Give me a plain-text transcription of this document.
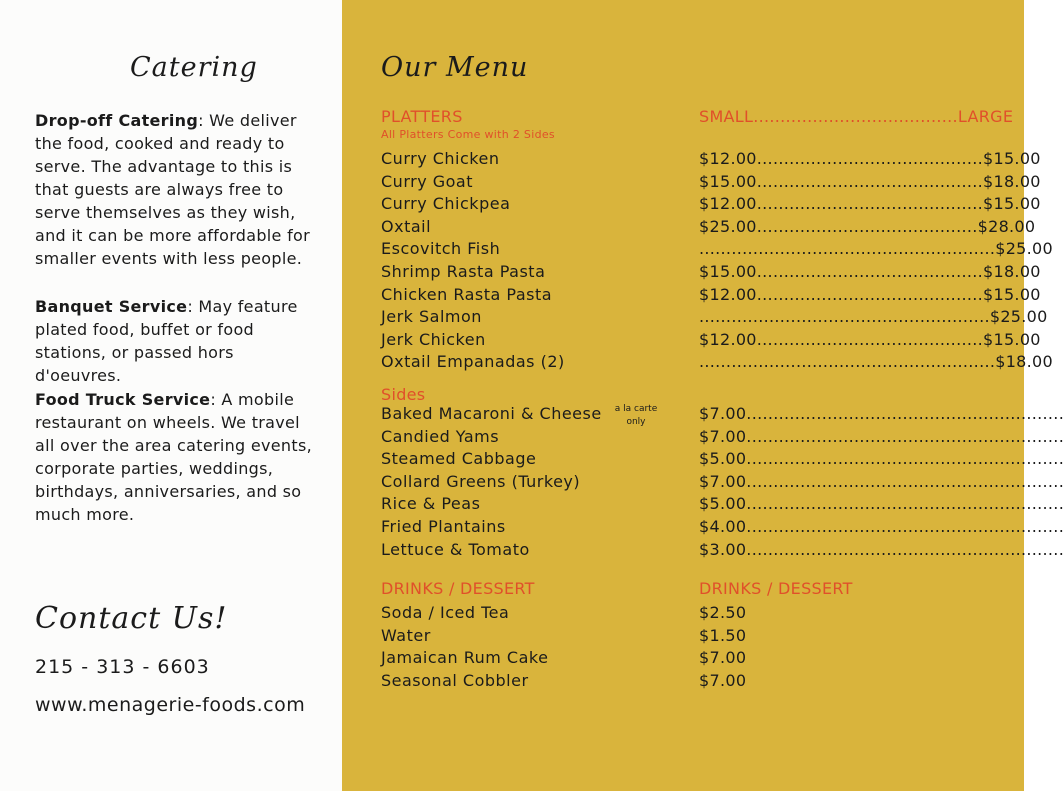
Catering
Drop-off Catering: We deliver the food, cooked and ready to serve. The advantage to this is that guests are always free to serve themselves as they wish, and it can be more affordable for smaller events with less people.
Banquet Service: May feature plated food, buffet or food stations, or passed hors d'oeuvres.
Food Truck Service: A mobile restaurant on wheels. We travel all over the area catering events, corporate parties, weddings, birthdays, anniversaries, and so much more.
Contact Us!
215 - 313 - 6603
www.menagerie-foods.com
Our Menu
PLATTERS
All Platters Come with 2 Sides
SMALL......................................LARGE
Curry Chicken	$12.00..........................................$15.00
Curry Goat	$15.00..........................................$18.00
Curry Chickpea	$12.00..........................................$15.00
Oxtail	$25.00.........................................$28.00
Escovitch Fish	.......................................................$25.00
Shrimp Rasta Pasta	$15.00..........................................$18.00
Chicken Rasta Pasta	$12.00..........................................$15.00
Jerk Salmon	......................................................$25.00
Jerk Chicken	$12.00..........................................$15.00
Oxtail Empanadas (2)	.......................................................$18.00
Sides
a la carte only
Baked Macaroni & Cheese	$7.00...........................................................
Candied Yams	$7.00...........................................................
Steamed Cabbage	$5.00...........................................................
Collard Greens (Turkey)	$7.00...........................................................
Rice & Peas	$5.00...........................................................
Fried Plantains	$4.00...........................................................
Lettuce & Tomato	$3.00...........................................................
DRINKS / DESSERT	DRINKS / DESSERT
Soda / Iced Tea	$2.50
Water	$1.50
Jamaican Rum Cake	$7.00
Seasonal Cobbler	$7.00
